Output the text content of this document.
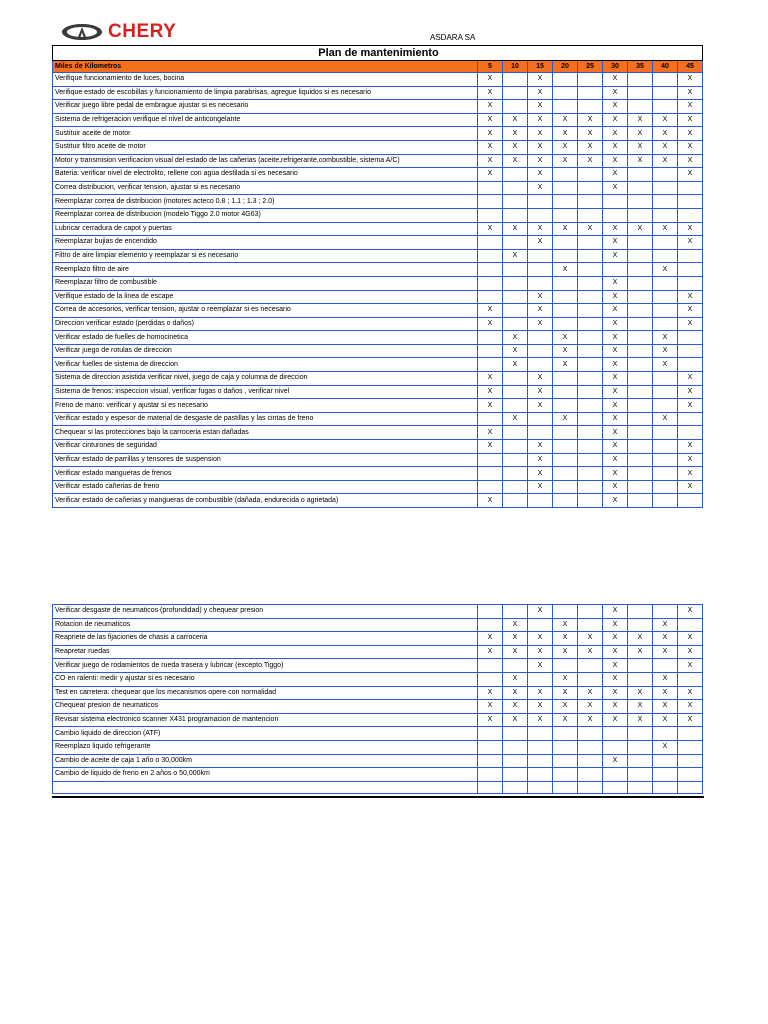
CHERY	ASDARA SA
Plan de mantenimiento									
Miles de Kilometros	5	10	15	20	25	30	35	40	45
Verifique funcionamiento de luces, bocina	X		X			X			X
Verifique estado de escobillas y funcionamiento de limpia parabrisas, agregue liquidos si es necesario	X		X			X			X
Verificar juego libre pedal de embrague ajustar si es necesario	X		X			X			X
Sistema de refrigeracion verifique el nivel de anticongelante	X	X	X	X	X	X	X	X	X
Sustituir aceite de motor	X	X	X	X	X	X	X	X	X
Sustituir filtro aceite de motor	X	X	X	X	X	X	X	X	X
Motor y transmision verificacion visual del estado de las cañerias (aceite,refrigerante,combustible, sistema A/C)	X	X	X	X	X	X	X	X	X
Bateria: verificar nivel de electrolito, rellene con agua destilada si es necesario	X		X			X			X
Correa distribucion, verificar tension, ajustar si es necesario			X			X			
Reemplazar correa de distribucion (motores acteco 0.8 ; 1.1 ; 1.3 ; 2.0)									
Reemplazar correa de distribucion (modelo Tiggo 2.0 motor 4G63)									
Lubricar cerradura de capot y puertas	X	X	X	X	X	X	X	X	X
Reemplazar bujias de encendido			X			X			X
Filtro de aire limpiar elemento y reemplazar si es necesario		X				X			
Reemplazo filtro de aire				X				X	
Reemplazar filtro de combustible						X			
Verifique estado de la linea de escape			X			X			X
Correa de accesorios, verificar tension, ajustar o reemplazar si es necesario	X		X			X			X
Direccion verificar estado (perdidas o daños)	X		X			X			X
Verificar estado de fuelles de homocinetica		X		X		X		X	
Verificar juego de rotulas de direccion		X		X		X		X	
Verificar fuelles de sistema de direccion		X		X		X		X	
Sistema de direccion asistida verificar nivel, juego de caja y columna de direccion	X		X			X			X
Sistema de frenos: inspeccion visual, verificar fugas o daños , verificar nivel	X		X			X			X
Freno de mano: verificar y ajustar si es necesario	X		X			X			X
Verificar estado y espesor de material de desgaste de pastillas y las cintas de freno		X		X		X		X	
Chequear si las protecciones bajo la carroceria estan dañadas	X					X			
Verificar cinturones de seguridad	X		X			X			X
Verificar estado de parrillas y tensores de suspension			X			X			X
Verificar estado mangueras de frenos			X			X			X
Verificar estado cañerias de freno			X			X			X
Verificar estado de cañerias y mangueras de combustible (dañada, endurecida o agrietada)	X					X			
Verificar desgaste de neumaticos (profundidad) y chequear presion			X			X			X
Rotacion de neumaticos		X		X		X		X	
Reapriete de las fijaciones de chasis a carroceria	X	X	X	X	X	X	X	X	X
Reapretar ruedas	X	X	X	X	X	X	X	X	X
Verificar juego de rodamientos de rueda trasera y lubricar (excepto Tiggo)			X			X			X
CO en ralenti: medir y ajustar si es necesario		X		X		X		X	
Test en carretera: chequear que los mecanismos opere con normalidad	X	X	X	X	X	X	X	X	X
Chequear presion de neumaticos	X	X	X	X	X	X	X	X	X
Revisar sistema electronico scanner X431 programacion de mantencion	X	X	X	X	X	X	X	X	X
Cambio liquido de direccion (ATF)									
Reemplazo liquido refrigerante								X	
Cambio de aceite de caja 1 año o 30,000km						X			
Cambio de liquido de freno en 2 años o 50,000km									
